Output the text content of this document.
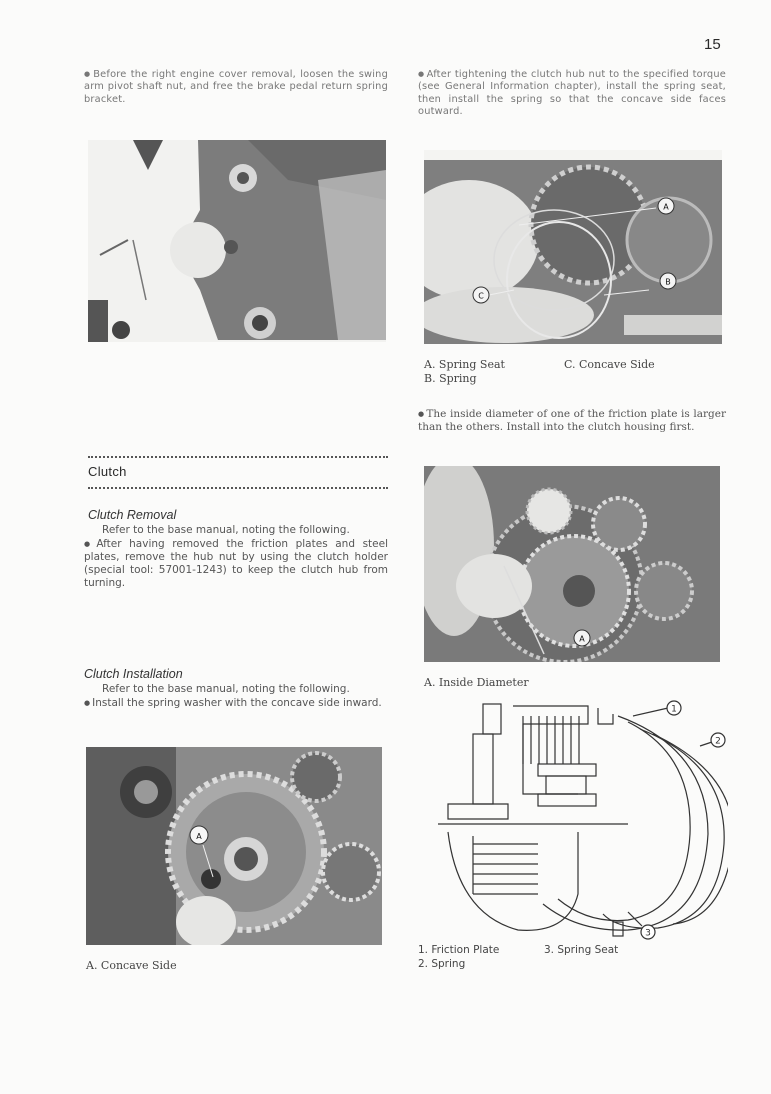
15
● Before the right engine cover removal, loosen the swing arm pivot shaft nut, and free the brake pedal return spring bracket.
Clutch
Clutch Removal
Refer to the base manual, noting the following.
● After having removed the friction plates and steel plates, remove the hub nut by using the clutch holder (special tool: 57001-1243) to keep the clutch hub from turning.
Clutch Installation
Refer to the base manual, noting the following.
● Install the spring washer with the concave side inward.
A
A. Concave Side
● After tightening the clutch hub nut to the specified torque (see General Information chapter), install the spring seat, then install the spring so that the concave side faces outward.
A
B
C
A. Spring Seat	C. Concave Side
B. Spring
● The inside diameter of one of the friction plate is larger than the others. Install into the clutch housing first.
A
A. Inside Diameter
1
2
3
1. Friction Plate	3. Spring Seat
2. Spring
